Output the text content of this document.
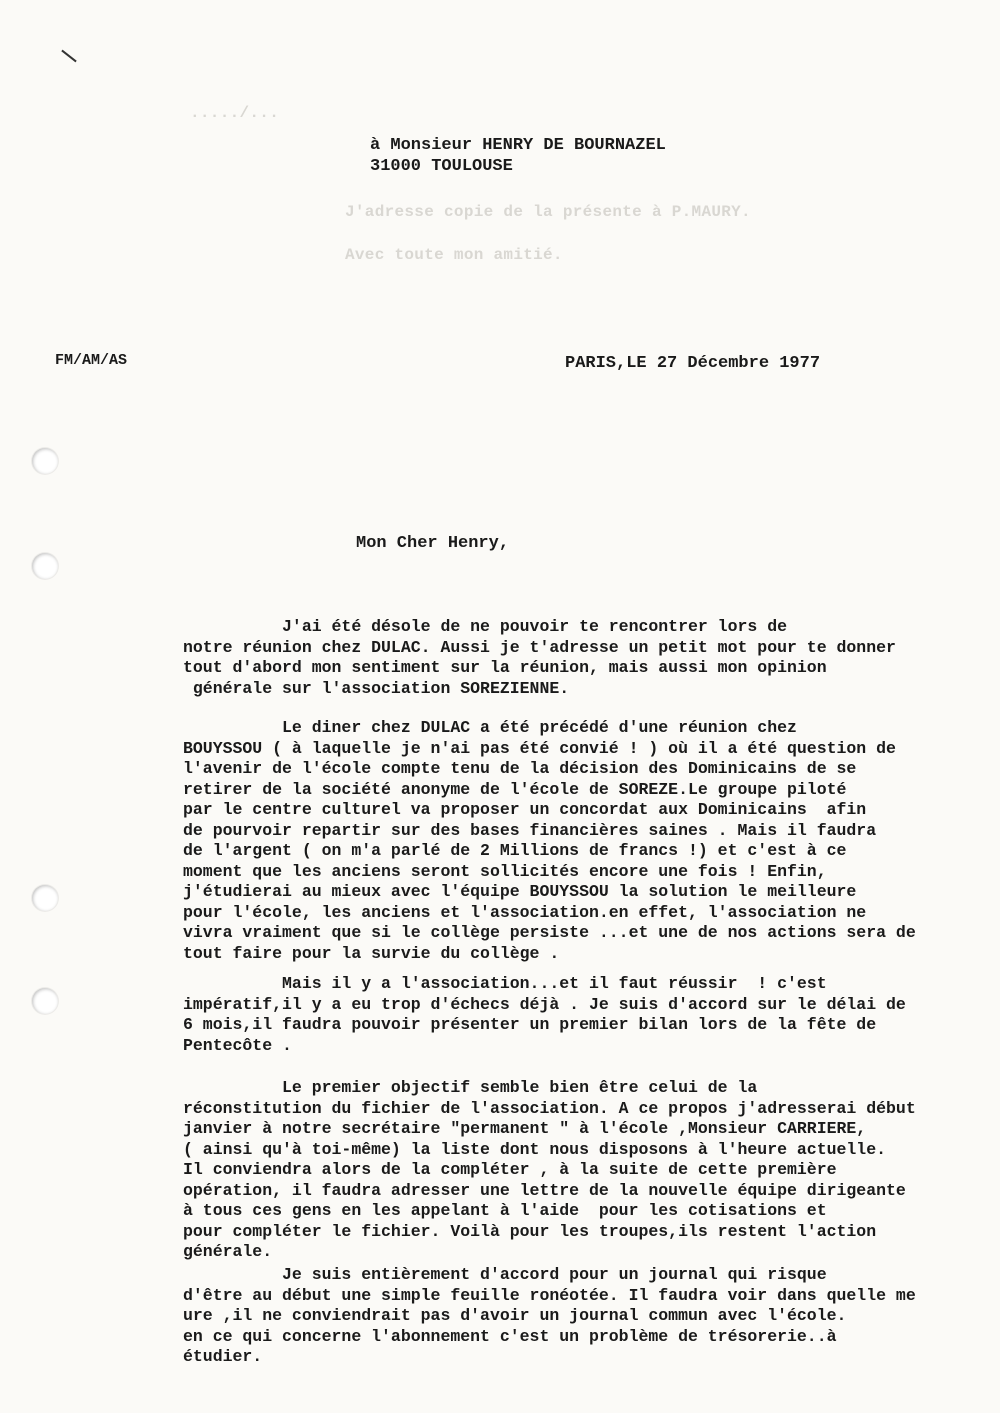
...../...
J'adresse copie de la présente à P.MAURY.
Avec toute mon amitié.
à Monsieur HENRY DE BOURNAZEL
31000 TOULOUSE
FM/AM/AS	PARIS,LE 27 Décembre 1977
Mon Cher Henry,
J'ai été désole de ne pouvoir te rencontrer lors de
notre réunion chez DULAC. Aussi je t'adresse un petit mot pour te donner
tout d'abord mon sentiment sur la réunion, mais aussi mon opinion
générale sur l'association SOREZIENNE.
Le diner chez DULAC a été précédé d'une réunion chez
BOUYSSOU ( à laquelle je n'ai pas été convié ! ) où il a été question de
l'avenir de l'école compte tenu de la décision des Dominicains de se
retirer de la société anonyme de l'école de SOREZE.Le groupe piloté
par le centre culturel va proposer un concordat aux Dominicains  afin
de pourvoir repartir sur des bases financières saines . Mais il faudra
de l'argent ( on m'a parlé de 2 Millions de francs !) et c'est à ce
moment que les anciens seront sollicités encore une fois ! Enfin,
j'étudierai au mieux avec l'équipe BOUYSSOU la solution le meilleure
pour l'école, les anciens et l'association.en effet, l'association ne
vivra vraiment que si le collège persiste ...et une de nos actions sera de
tout faire pour la survie du collège .
Mais il y a l'association...et il faut réussir  ! c'est
impératif,il y a eu trop d'échecs déjà . Je suis d'accord sur le délai de
6 mois,il faudra pouvoir présenter un premier bilan lors de la fête de
Pentecôte .
Le premier objectif semble bien être celui de la
réconstitution du fichier de l'association. A ce propos j'adresserai début
janvier à notre secrétaire "permanent " à l'école ,Monsieur CARRIERE,
( ainsi qu'à toi-même) la liste dont nous disposons à l'heure actuelle.
Il conviendra alors de la compléter , à la suite de cette première
opération, il faudra adresser une lettre de la nouvelle équipe dirigeante
à tous ces gens en les appelant à l'aide  pour les cotisations et
pour compléter le fichier. Voilà pour les troupes,ils restent l'action
générale.
Je suis entièrement d'accord pour un journal qui risque
d'être au début une simple feuille ronéotée. Il faudra voir dans quelle me
ure ,il ne conviendrait pas d'avoir un journal commun avec l'école.
en ce qui concerne l'abonnement c'est un problème de trésorerie..à
étudier.
